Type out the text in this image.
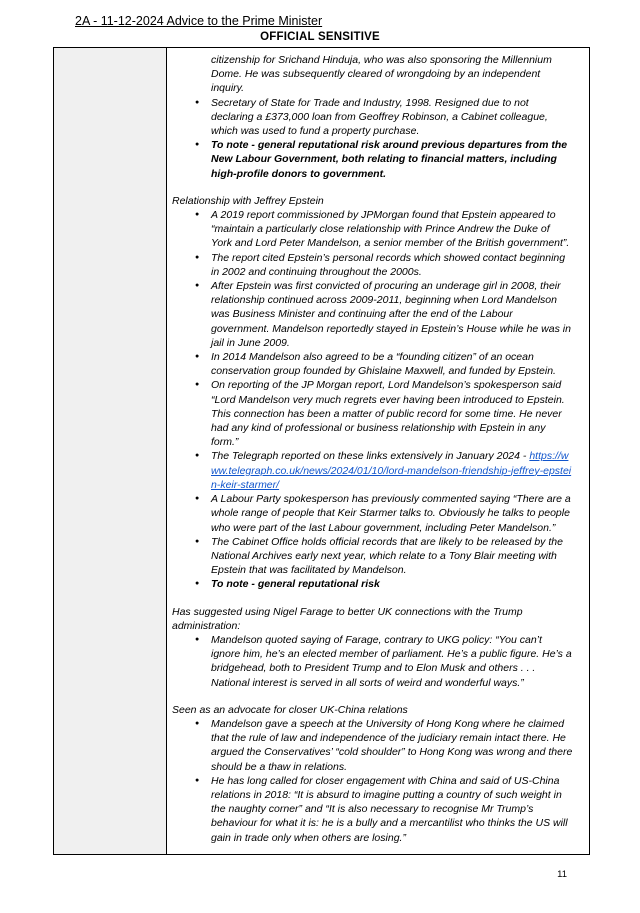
2A - 11-12-2024 Advice to the Prime Minister
OFFICIAL SENSITIVE
citizenship for Srichand Hinduja, who was also sponsoring the Millennium Dome. He was subsequently cleared of wrongdoing by an independent inquiry.
● Secretary of State for Trade and Industry, 1998. Resigned due to not declaring a £373,000 loan from Geoffrey Robinson, a Cabinet colleague, which was used to fund a property purchase.
● To note - general reputational risk around previous departures from the New Labour Government, both relating to financial matters, including high-profile donors to government.
Relationship with Jeffrey Epstein
● A 2019 report commissioned by JPMorgan found that Epstein appeared to “maintain a particularly close relationship with Prince Andrew the Duke of York and Lord Peter Mandelson, a senior member of the British government”.
● The report cited Epstein’s personal records which showed contact beginning in 2002 and continuing throughout the 2000s.
● After Epstein was first convicted of procuring an underage girl in 2008, their relationship continued across 2009-2011, beginning when Lord Mandelson was Business Minister and continuing after the end of the Labour government. Mandelson reportedly stayed in Epstein’s House while he was in jail in June 2009.
● In 2014 Mandelson also agreed to be a “founding citizen” of an ocean conservation group founded by Ghislaine Maxwell, and funded by Epstein.
● On reporting of the JP Morgan report, Lord Mandelson’s spokesperson said “Lord Mandelson very much regrets ever having been introduced to Epstein. This connection has been a matter of public record for some time. He never had any kind of professional or business relationship with Epstein in any form.”
● The Telegraph reported on these links extensively in January 2024 - https://www.telegraph.co.uk/news/2024/01/10/lord-mandelson-friendship-jeffrey-epstein-keir-starmer/
● A Labour Party spokesperson has previously commented saying “There are a whole range of people that Keir Starmer talks to. Obviously he talks to people who were part of the last Labour government, including Peter Mandelson.”
● The Cabinet Office holds official records that are likely to be released by the National Archives early next year, which relate to a Tony Blair meeting with Epstein that was facilitated by Mandelson.
● To note - general reputational risk
Has suggested using Nigel Farage to better UK connections with the Trump administration:
● Mandelson quoted saying of Farage, contrary to UKG policy: “You can’t ignore him, he’s an elected member of parliament. He’s a public figure. He’s a bridgehead, both to President Trump and to Elon Musk and others . . . National interest is served in all sorts of weird and wonderful ways.”
Seen as an advocate for closer UK-China relations
● Mandelson gave a speech at the University of Hong Kong where he claimed that the rule of law and independence of the judiciary remain intact there. He argued the Conservatives’ “cold shoulder” to Hong Kong was wrong and there should be a thaw in relations.
● He has long called for closer engagement with China and said of US-China relations in 2018: “It is absurd to imagine putting a country of such weight in the naughty corner” and “It is also necessary to recognise Mr Trump’s behaviour for what it is: he is a bully and a mercantilist who thinks the US will gain in trade only when others are losing.”
11
